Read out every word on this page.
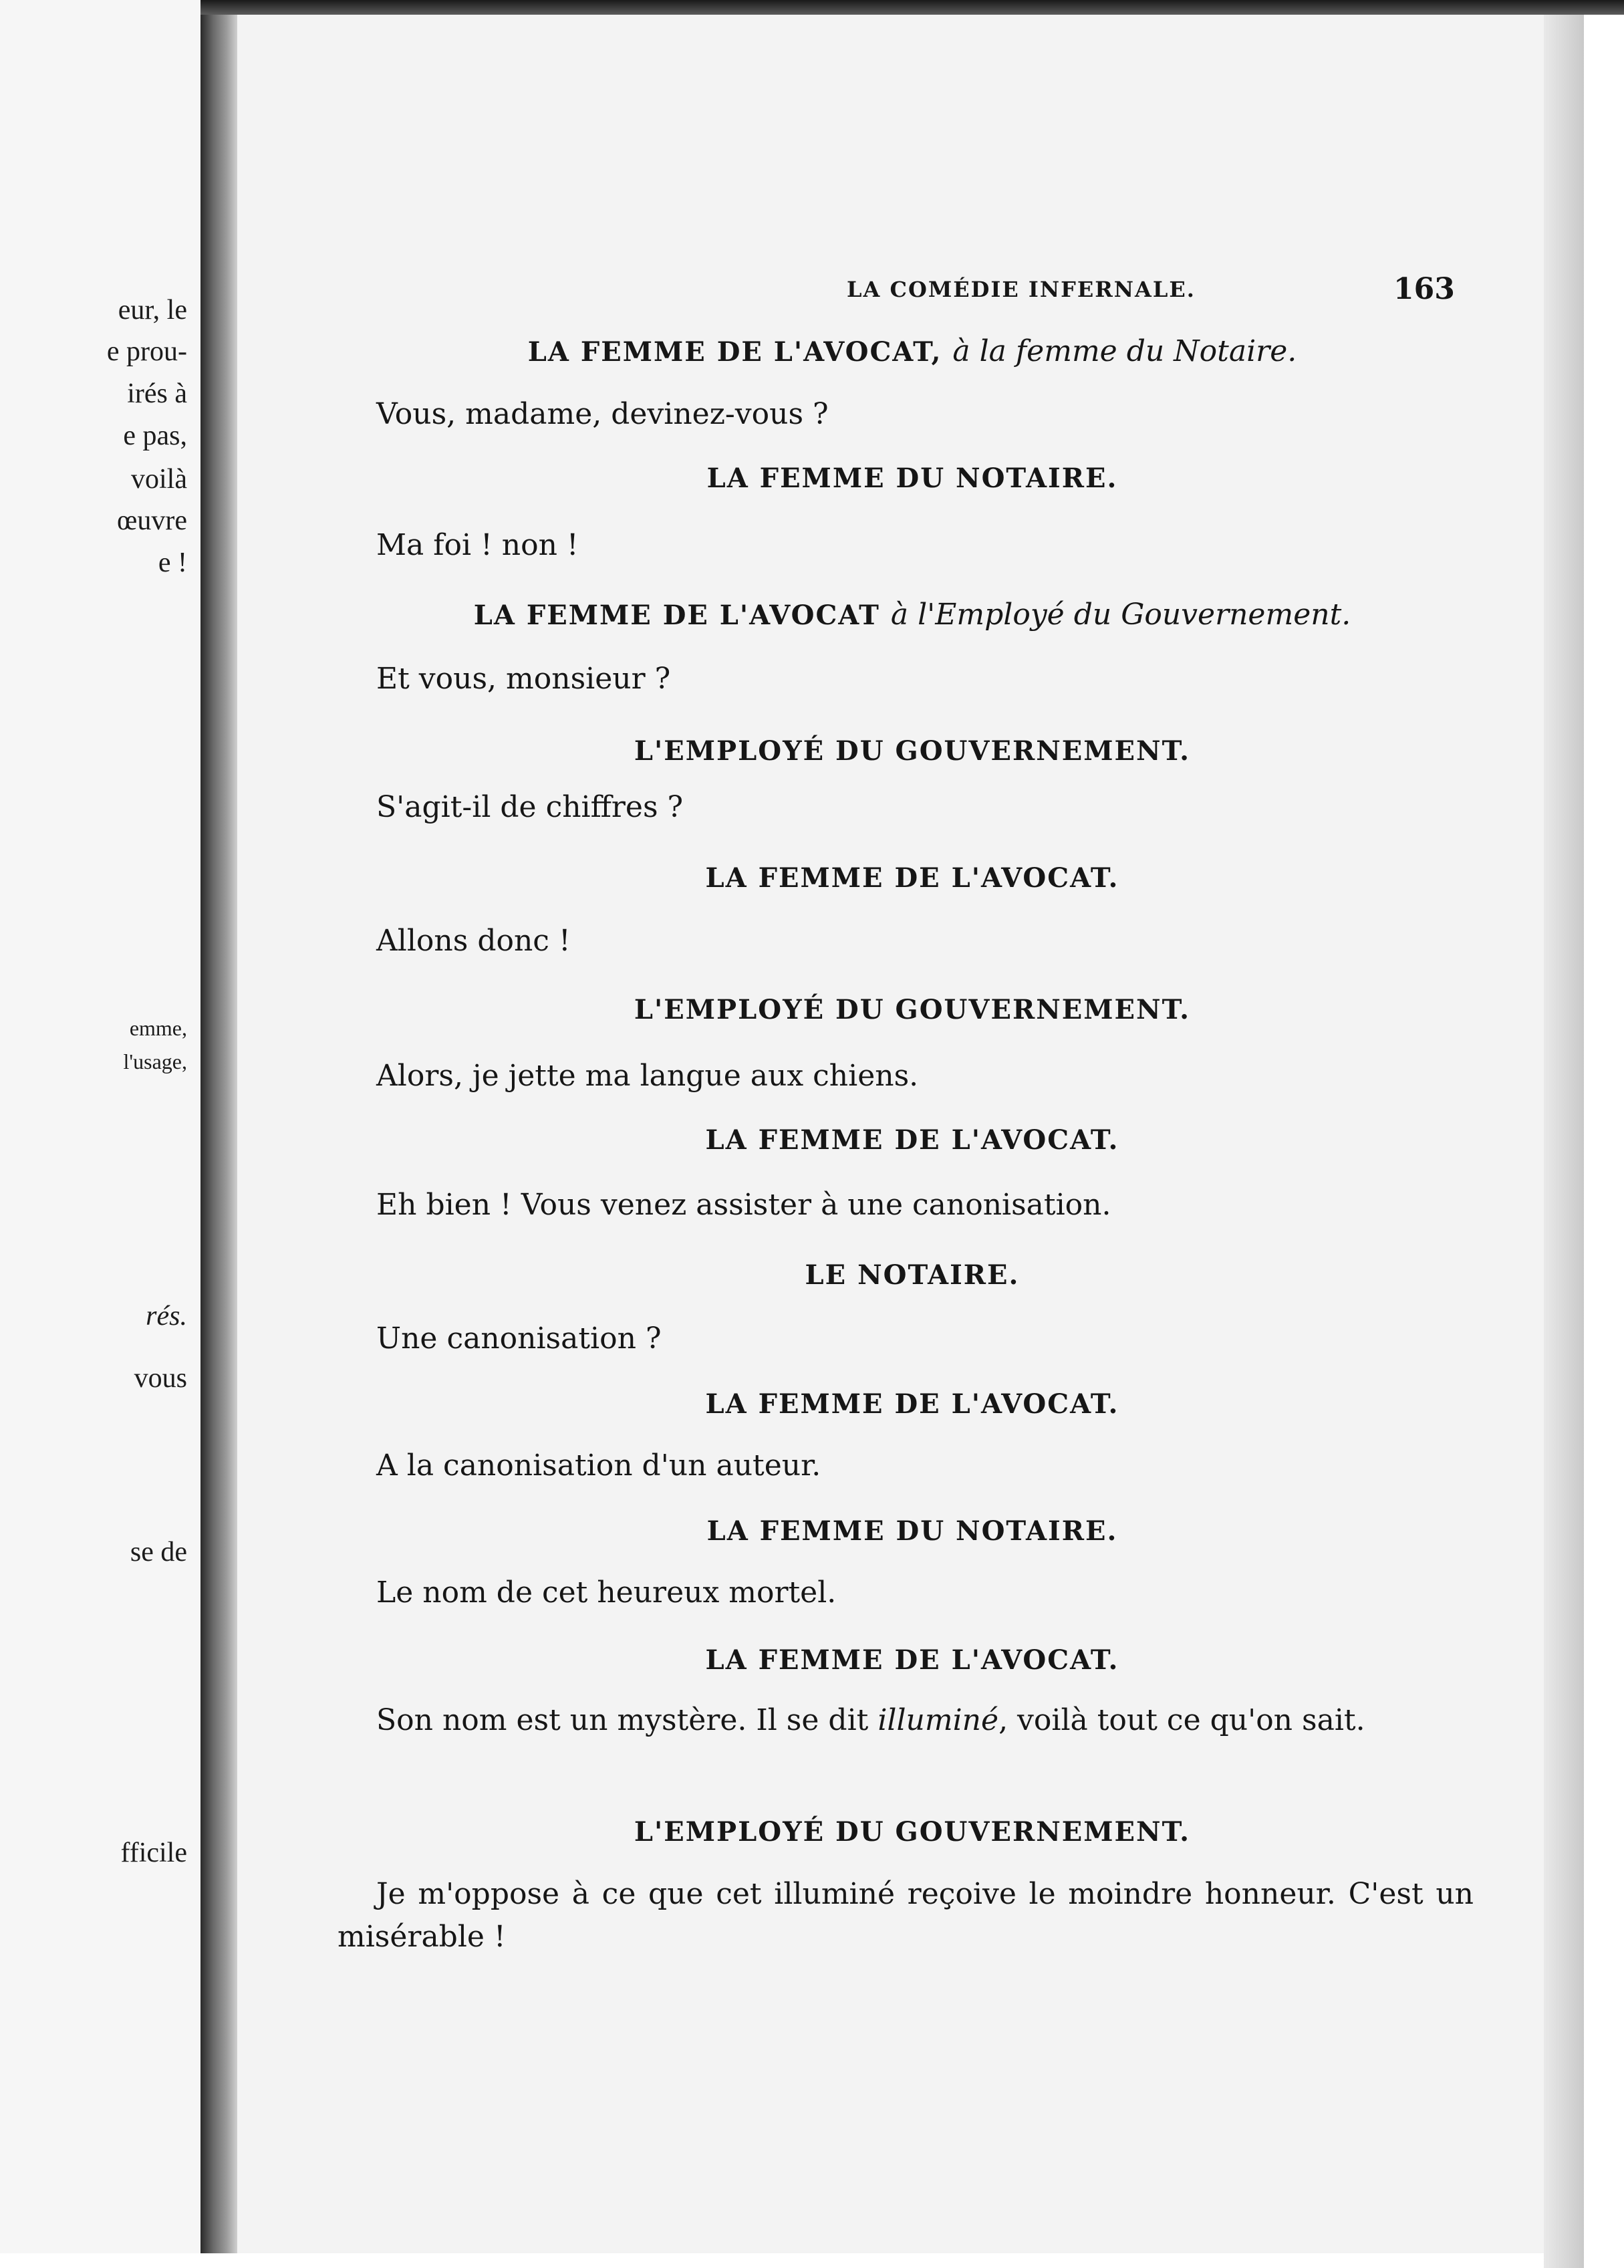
eur, le
e prou-
irés à
e pas,
voilà
œuvre
e !
emme,
l'usage,
rés.
vous
se de
fficile
LA COMÉDIE INFERNALE.	163
LA FEMME DE L'AVOCAT, à la femme du Notaire.
Vous, madame, devinez-vous ?
LA FEMME DU NOTAIRE.
Ma foi ! non !
LA FEMME DE L'AVOCAT à l'Employé du Gouvernement.
Et vous, monsieur ?
L'EMPLOYÉ DU GOUVERNEMENT.
S'agit-il de chiffres ?
LA FEMME DE L'AVOCAT.
Allons donc !
L'EMPLOYÉ DU GOUVERNEMENT.
Alors, je jette ma langue aux chiens.
LA FEMME DE L'AVOCAT.
Eh bien ! Vous venez assister à une canonisation.
LE NOTAIRE.
Une canonisation ?
LA FEMME DE L'AVOCAT.
A la canonisation d'un auteur.
LA FEMME DU NOTAIRE.
Le nom de cet heureux mortel.
LA FEMME DE L'AVOCAT.
Son nom est un mystère. Il se dit illuminé, voilà tout ce qu'on sait.
L'EMPLOYÉ DU GOUVERNEMENT.
Je m'oppose à ce que cet illuminé reçoive le moindre honneur. C'est un misérable !
